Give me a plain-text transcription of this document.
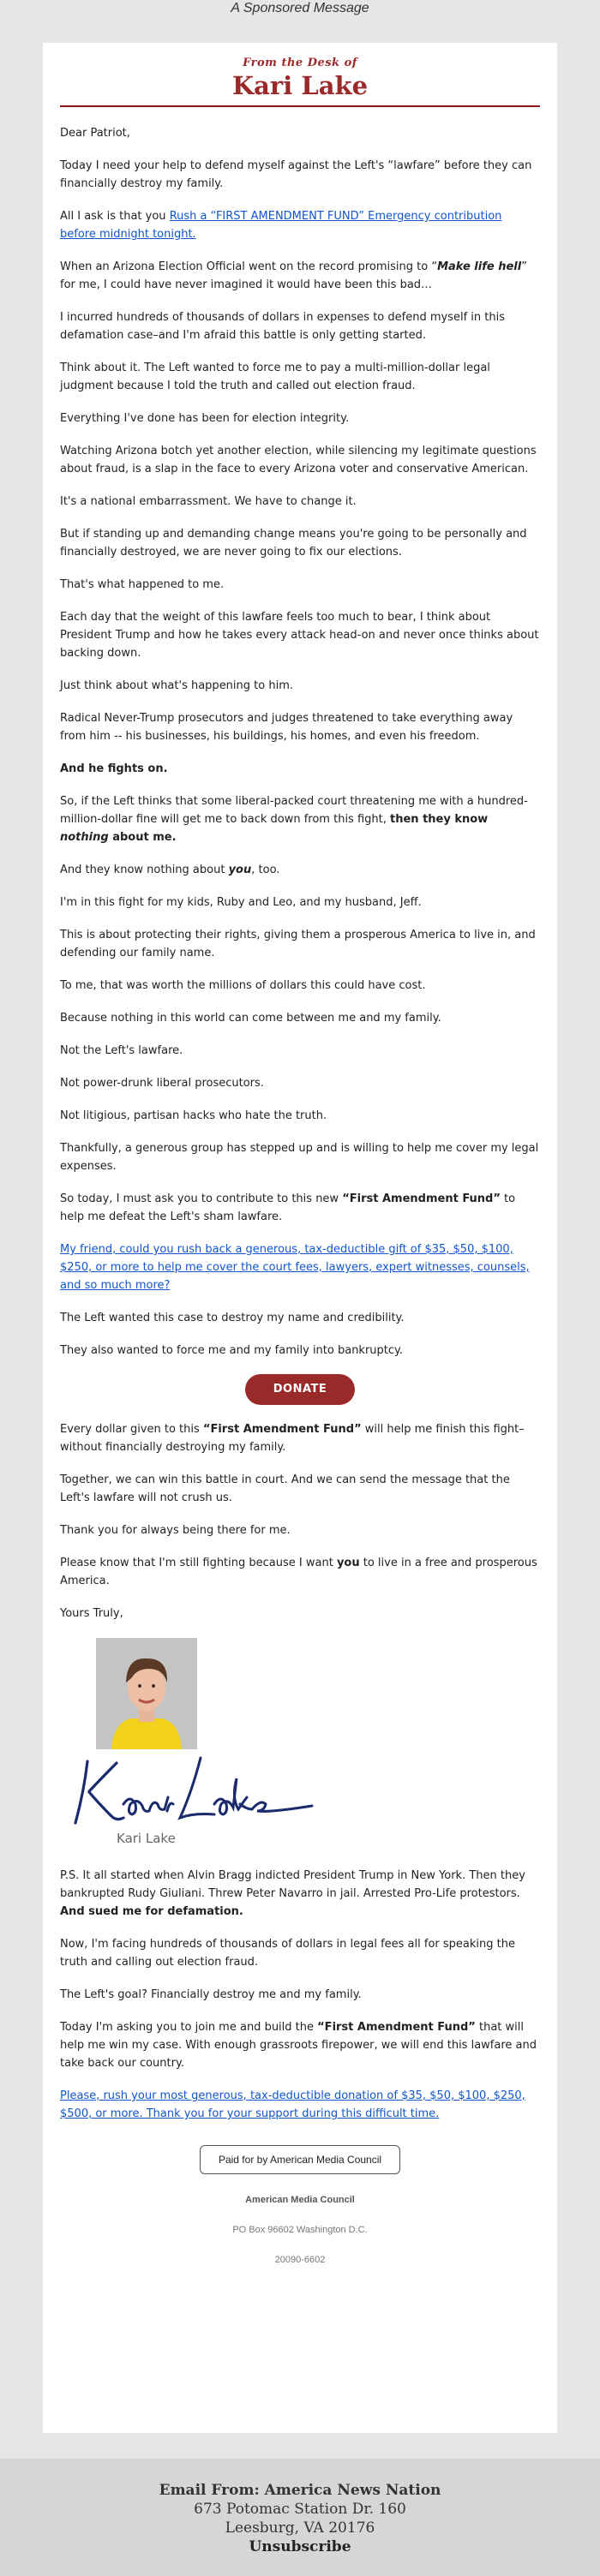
A Sponsored Message
From the Desk of
Kari Lake

Dear Patriot,

Today I need your help to defend myself against the Left's “lawfare” before they can financially destroy my family.

All I ask is that you Rush a “FIRST AMENDMENT FUND” Emergency contribution before midnight tonight.

When an Arizona Election Official went on the record promising to “Make life hell” for me, I could have never imagined it would have been this bad…

I incurred hundreds of thousands of dollars in expenses to defend myself in this defamation case–and I'm afraid this battle is only getting started.

Think about it. The Left wanted to force me to pay a multi-million-dollar legal judgment because I told the truth and called out election fraud.

Everything I've done has been for election integrity.

Watching Arizona botch yet another election, while silencing my legitimate questions about fraud, is a slap in the face to every Arizona voter and conservative American.

It's a national embarrassment. We have to change it.

But if standing up and demanding change means you're going to be personally and financially destroyed, we are never going to fix our elections.

That's what happened to me.

Each day that the weight of this lawfare feels too much to bear, I think about President Trump and how he takes every attack head-on and never once thinks about backing down.

Just think about what's happening to him.

Radical Never-Trump prosecutors and judges threatened to take everything away from him -- his businesses, his buildings, his homes, and even his freedom.

And he fights on.

So, if the Left thinks that some liberal-packed court threatening me with a hundred-million-dollar fine will get me to back down from this fight, then they know nothing about me.

And they know nothing about you, too.

I'm in this fight for my kids, Ruby and Leo, and my husband, Jeff.

This is about protecting their rights, giving them a prosperous America to live in, and defending our family name.

To me, that was worth the millions of dollars this could have cost.

Because nothing in this world can come between me and my family.

Not the Left's lawfare.

Not power-drunk liberal prosecutors.

Not litigious, partisan hacks who hate the truth.

Thankfully, a generous group has stepped up and is willing to help me cover my legal expenses.

So today, I must ask you to contribute to this new “First Amendment Fund” to help me defeat the Left's sham lawfare.

My friend, could you rush back a generous, tax-deductible gift of $35, $50, $100, $250, or more to help me cover the court fees, lawyers, expert witnesses, counsels, and so much more?

The Left wanted this case to destroy my name and credibility.

They also wanted to force me and my family into bankruptcy.

DONATE

Every dollar given to this “First Amendment Fund” will help me finish this fight–without financially destroying my family.

Together, we can win this battle in court. And we can send the message that the Left's lawfare will not crush us.

Thank you for always being there for me.

Please know that I'm still fighting because I want you to live in a free and prosperous America.

Yours Truly,

Kari Lake

P.S. It all started when Alvin Bragg indicted President Trump in New York. Then they bankrupted Rudy Giuliani. Threw Peter Navarro in jail. Arrested Pro-Life protestors. And sued me for defamation.

Now, I'm facing hundreds of thousands of dollars in legal fees all for speaking the truth and calling out election fraud.

The Left's goal? Financially destroy me and my family.

Today I'm asking you to join me and build the “First Amendment Fund” that will help me win my case. With enough grassroots firepower, we will end this lawfare and take back our country.

Please, rush your most generous, tax-deductible donation of $35, $50, $100, $250, $500, or more. Thank you for your support during this difficult time.

Paid for by American Media Council
American Media Council
PO Box 96602 Washington D.C.
20090-6602
Email From: America News Nation
673 Potomac Station Dr. 160
Leesburg, VA 20176
Unsubscribe
